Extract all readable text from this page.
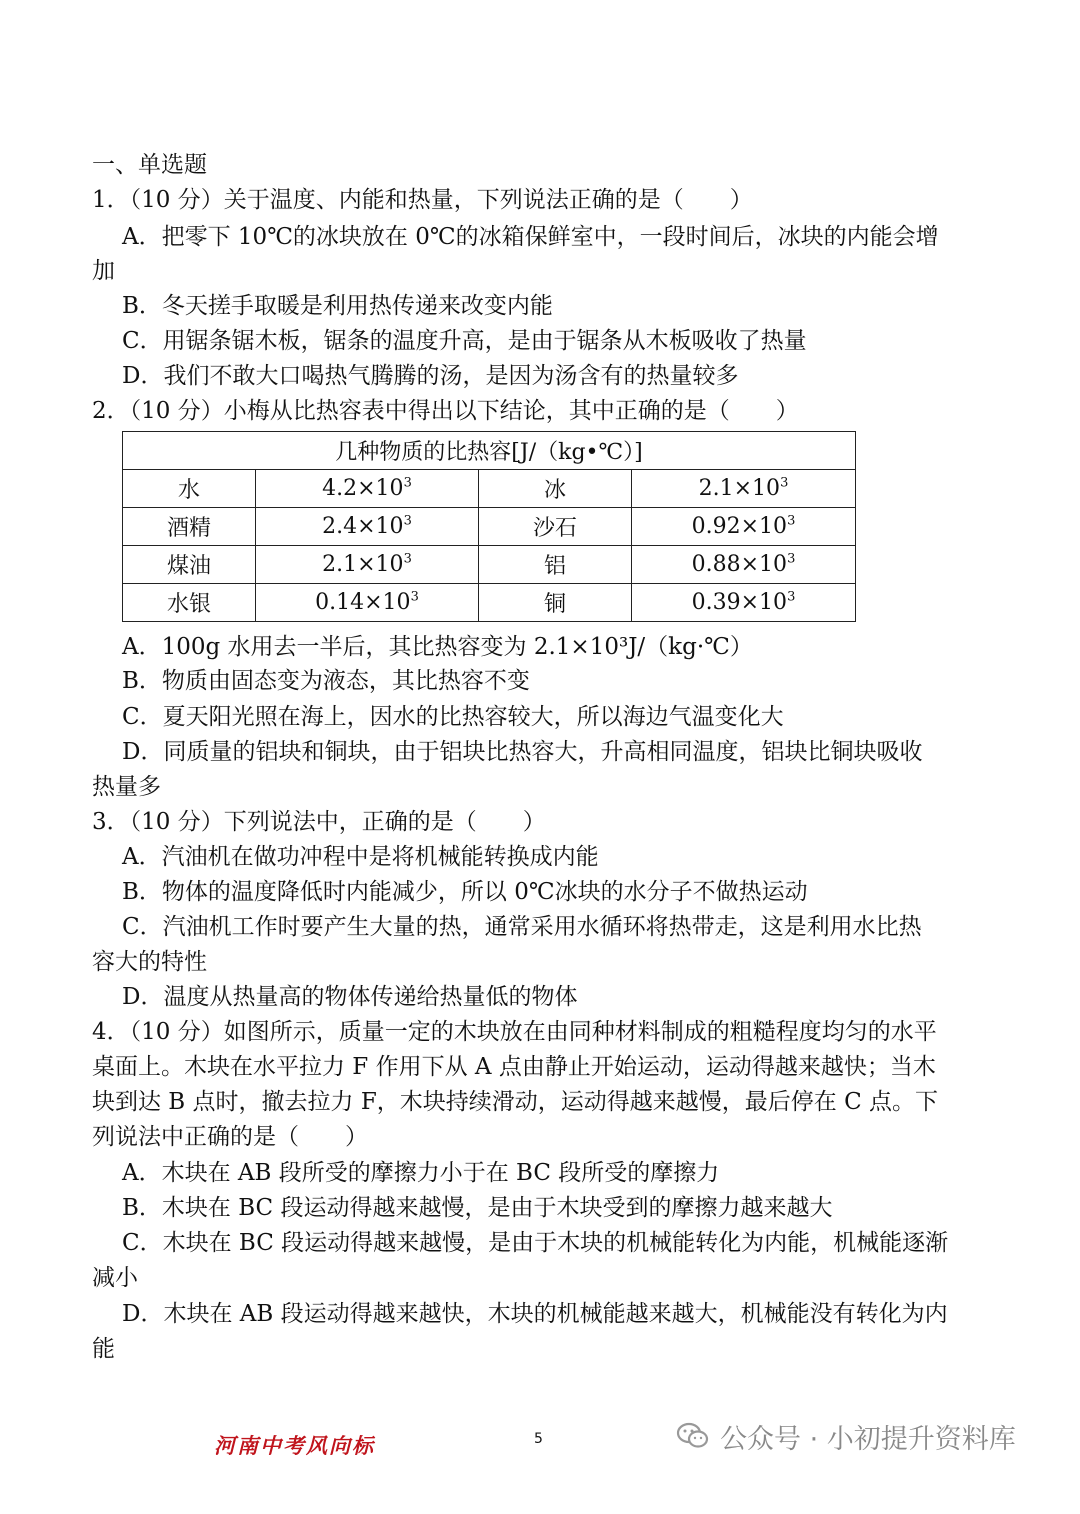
一、单选题
1．（10 分）关于温度、内能和热量，下列说法正确的是（　　）
A．把零下 10℃的冰块放在 0℃的冰箱保鲜室中，一段时间后，冰块的内能会增
加
B．冬天搓手取暖是利用热传递来改变内能
C．用锯条锯木板，锯条的温度升高，是由于锯条从木板吸收了热量
D．我们不敢大口喝热气腾腾的汤，是因为汤含有的热量较多
2．（10 分）小梅从比热容表中得出以下结论，其中正确的是（　　）
几种物质的比热容[J/（kg•℃）]			
水	$4.2\times 10^3$	冰	$2.1\times 10^3$
酒精	$2.4\times 10^3$	沙石	$0.92\times 10^3$
煤油	$2.1\times 10^3$	铝	$0.88\times 10^3$
水银	$0.14\times 10^3$	铜	$0.39\times 10^3$
A．100g 水用去一半后，其比热容变为 2.1×10³J/（kg·℃）
B．物质由固态变为液态，其比热容不变
C．夏天阳光照在海上，因水的比热容较大，所以海边气温变化大
D．同质量的铝块和铜块，由于铝块比热容大，升高相同温度，铝块比铜块吸收
热量多
3．（10 分）下列说法中，正确的是（　　）
A．汽油机在做功冲程中是将机械能转换成内能
B．物体的温度降低时内能减少，所以 0℃冰块的水分子不做热运动
C．汽油机工作时要产生大量的热，通常采用水循环将热带走，这是利用水比热
容大的特性
D．温度从热量高的物体传递给热量低的物体
4．（10 分）如图所示，质量一定的木块放在由同种材料制成的粗糙程度均匀的水平
桌面上。木块在水平拉力 F 作用下从 A 点由静止开始运动，运动得越来越快；当木
块到达 B 点时，撤去拉力 F，木块持续滑动，运动得越来越慢，最后停在 C 点。下
列说法中正确的是（　　）
A．木块在 AB 段所受的摩擦力小于在 BC 段所受的摩擦力
B．木块在 BC 段运动得越来越慢，是由于木块受到的摩擦力越来越大
C．木块在 BC 段运动得越来越慢，是由于木块的机械能转化为内能，机械能逐渐
减小
D．木块在 AB 段运动得越来越快，木块的机械能越来越大，机械能没有转化为内
能
河南中考风向标	5	公众号 · 小初提升资料库
